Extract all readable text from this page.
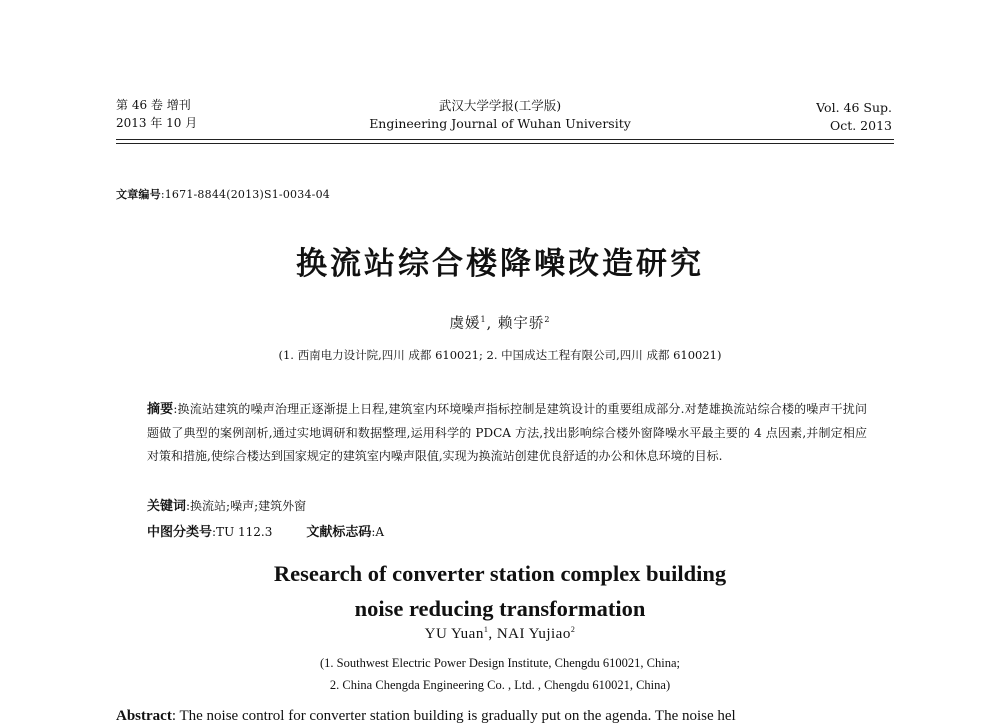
第 46 卷 增刊
2013 年 10 月
武汉大学学报(工学版)
Engineering Journal of Wuhan University
Vol. 46 Sup.
Oct. 2013
文章编号:1671-8844(2013)S1-0034-04
换流站综合楼降噪改造研究
虞媛$^1$, 赖宇骄$^2$
(1. 西南电力设计院,四川 成都 610021; 2. 中国成达工程有限公司,四川 成都 610021)
摘要:换流站建筑的噪声治理正逐渐提上日程,建筑室内环境噪声指标控制是建筑设计的重要组成部分.对楚雄换流站综合楼的噪声干扰问题做了典型的案例剖析,通过实地调研和数据整理,运用科学的 PDCA 方法,找出影响综合楼外窗降噪水平最主要的 4 点因素,并制定相应对策和措施,使综合楼达到国家规定的建筑室内噪声限值,实现为换流站创建优良舒适的办公和休息环境的目标.
关键词:换流站;噪声;建筑外窗
中图分类号:TU 112.3	文献标志码:A
Research of converter station complex building
noise reducing transformation
YU Yuan$^1$, NAI Yujiao$^2$
(1. Southwest Electric Power Design Institute, Chengdu 610021, China;
2. China Chengda Engineering Co. , Ltd. , Chengdu 610021, China)
Abstract: The noise control for converter station building is gradually put on the agenda. The noise hel
